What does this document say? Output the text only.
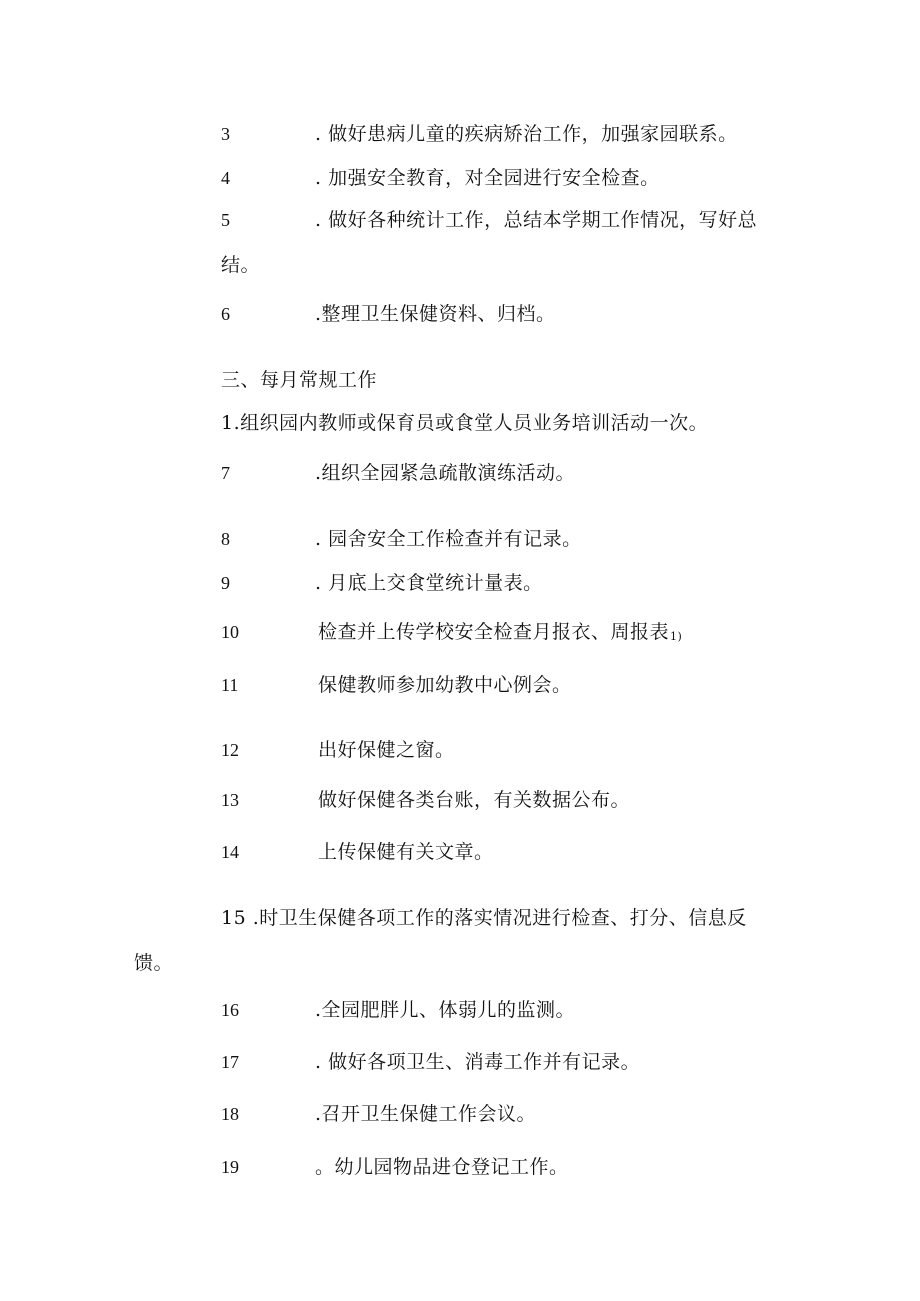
3	. 做好患病儿童的疾病矫治工作，加强家园联系。
4	. 加强安全教育，对全园进行安全检查。
5	. 做好各种统计工作，总结本学期工作情况，写好总
结。
6	.整理卫生保健资料、归档。
三、每月常规工作
1.组织园内教师或保育员或食堂人员业务培训活动一次。
7	.组织全园紧急疏散演练活动。
8	. 园舍安全工作检查并有记录。
9	. 月底上交食堂统计量表。
10	检查并上传学校安全检查月报衣、周报表1)
11	保健教师参加幼教中心例会。
12	出好保健之窗。
13	做好保健各类台账，有关数据公布。
14	上传保健有关文章。
15 .时卫生保健各项工作的落实情况进行检查、打分、信息反
馈。
16	.全园肥胖儿、体弱儿的监测。
17	. 做好各项卫生、消毒工作并有记录。
18	.召开卫生保健工作会议。
19	。幼儿园物品进仓登记工作。
